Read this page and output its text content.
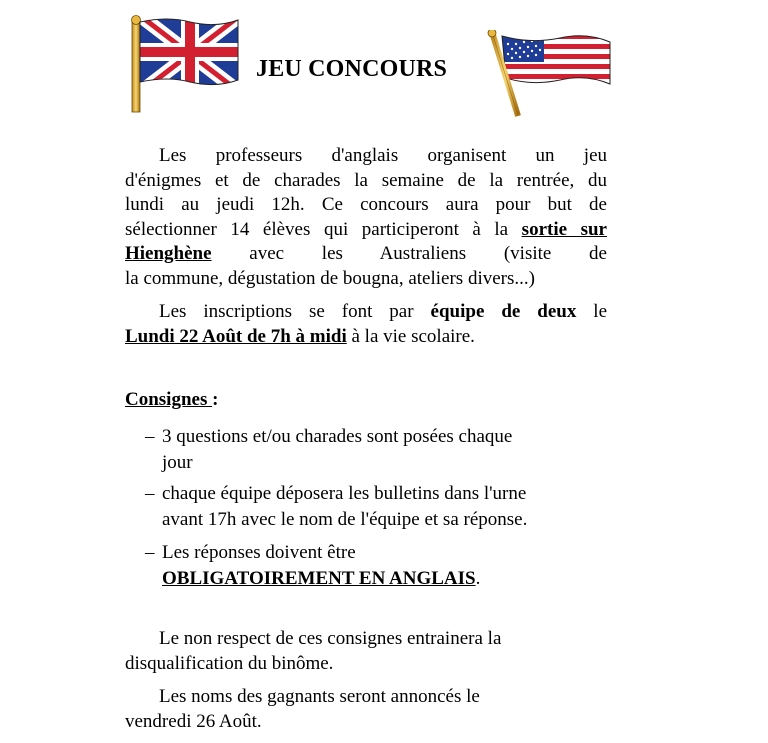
JEU CONCOURS
Les professeurs d'anglais organisent un jeu
d'énigmes et de charades la semaine de la rentrée, du
lundi au jeudi 12h. Ce concours aura pour but de
sélectionner 14 élèves qui participeront à la sortie sur
Hienghène avec les Australiens (visite de
la commune, dégustation de bougna, ateliers divers...)
Les inscriptions se font par équipe de deux le
Lundi 22 Août de 7h à midi à la vie scolaire.
Consignes :
– 3 questions et/ou charades sont posées chaque
jour
– chaque équipe déposera les bulletins dans l'urne
avant 17h avec le nom de l'équipe et sa réponse.
– Les réponses doivent être
OBLIGATOIREMENT EN ANGLAIS.
Le non respect de ces consignes entrainera la
disqualification du binôme.
Les noms des gagnants seront annoncés le
vendredi 26 Août.
